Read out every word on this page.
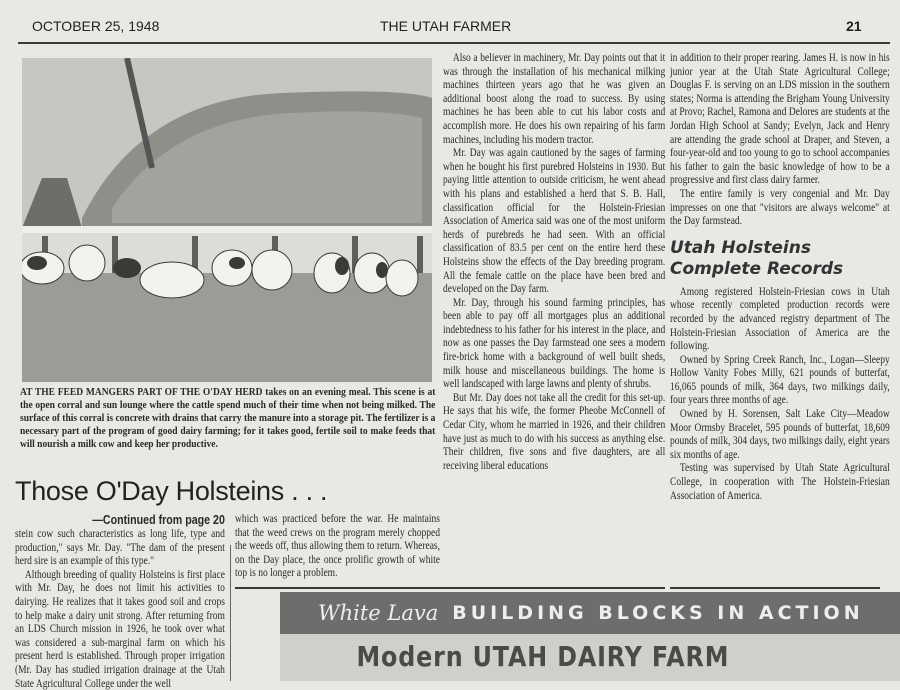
OCTOBER 25, 1948	THE UTAH FARMER	21
AT THE FEED MANGERS PART OF THE O'DAY HERD takes on an evening meal. This scene is at the open corral and sun lounge where the cattle spend much of their time when not being milked. The surface of this corral is concrete with drains that carry the manure into a storage pit. The fertilizer is a necessary part of the program of good dairy farming; for it takes good, fertile soil to make feeds that will nourish a milk cow and keep her productive.
Those O'Day Holsteins . . .
—Continued from page 20

stein cow such characteristics as long life, type and production," says Mr. Day. "The dam of the present herd sire is an example of this type."

Although breeding of quality Holsteins is first place with Mr. Day, he does not limit his activities to dairying. He realizes that it takes good soil and crops to help make a dairy unit strong. After returning from an LDS Church mission in 1926, he took over what was considered a sub-marginal farm on which his present herd is established. Through proper irrigation (Mr. Day has studied irrigation drainage at the Utah State Agricultural College under the well

which was practiced before the war. He maintains that the weed crews on the program merely chopped the weeds off, thus allowing them to return. Whereas, on the Day place, the once prolific growth of white top is no longer a problem.

Also a believer in machinery, Mr. Day points out that it was through the installation of his mechanical milking machines thirteen years ago that he was given an additional boost along the road to success. By using machines he has been able to cut his labor costs and accomplish more. He does his own repairing of his farm machines, including his modern tractor.

Mr. Day was again cautioned by the sages of farming when he bought his first purebred Holsteins in 1930. But paying little attention to outside criticism, he went ahead with his plans and established a herd that S. B. Hall, classification official for the Holstein-Friesian Association of America said was one of the most uniform herds of purebreds he had seen. With an official classification of 83.5 per cent on the entire herd these Holsteins show the effects of the Day breeding program. All the female cattle on the place have been bred and developed on the Day farm.

Mr. Day, through his sound farming principles, has been able to pay off all mortgages plus an additional indebtedness to his father for his interest in the place, and now as one passes the Day farmstead one sees a modern fire-brick home with a background of well built sheds, milk house and miscellaneous buildings. The home is well landscaped with large lawns and plenty of shrubs.

But Mr. Day does not take all the credit for this set-up. He says that his wife, the former Pheobe McConnell of Cedar City, whom he married in 1926, and their children have just as much to do with his success as anything else. Their children, five sons and five daughters, are all receiving liberal educations

in addition to their proper rearing. James H. is now in his junior year at the Utah State Agricultural College; Douglas F. is serving on an LDS mission in the southern states; Norma is attending the Brigham Young University at Provo; Rachel, Ramona and Delores are students at the Jordan High School at Sandy; Evelyn, Jack and Henry are attending the grade school at Draper, and Steven, a four-year-old and too young to go to school accompanies his father to gain the basic knowledge of how to be a progressive and first class dairy farmer.

The entire family is very congenial and Mr. Day impresses on one that "visitors are always welcome" at the Day farmstead.

Utah Holsteins
Complete Records

Among registered Holstein-Friesian cows in Utah whose recently completed production records were recorded by the advanced registry department of The Holstein-Friesian Association of America are the following.

Owned by Spring Creek Ranch, Inc., Logan—Sleepy Hollow Vanity Fobes Milly, 621 pounds of butterfat, 16,065 pounds of milk, 364 days, two milkings daily, four years three months of age.

Owned by H. Sorensen, Salt Lake City—Meadow Moor Ormsby Bracelet, 595 pounds of butterfat, 18,609 pounds of milk, 304 days, two milkings daily, eight years six months of age.

Testing was supervised by Utah State Agricultural College, in cooperation with The Holstein-Friesian Association of America.

White Lava BUILDING BLOCKS IN ACTION
Modern UTAH DAIRY FARM
